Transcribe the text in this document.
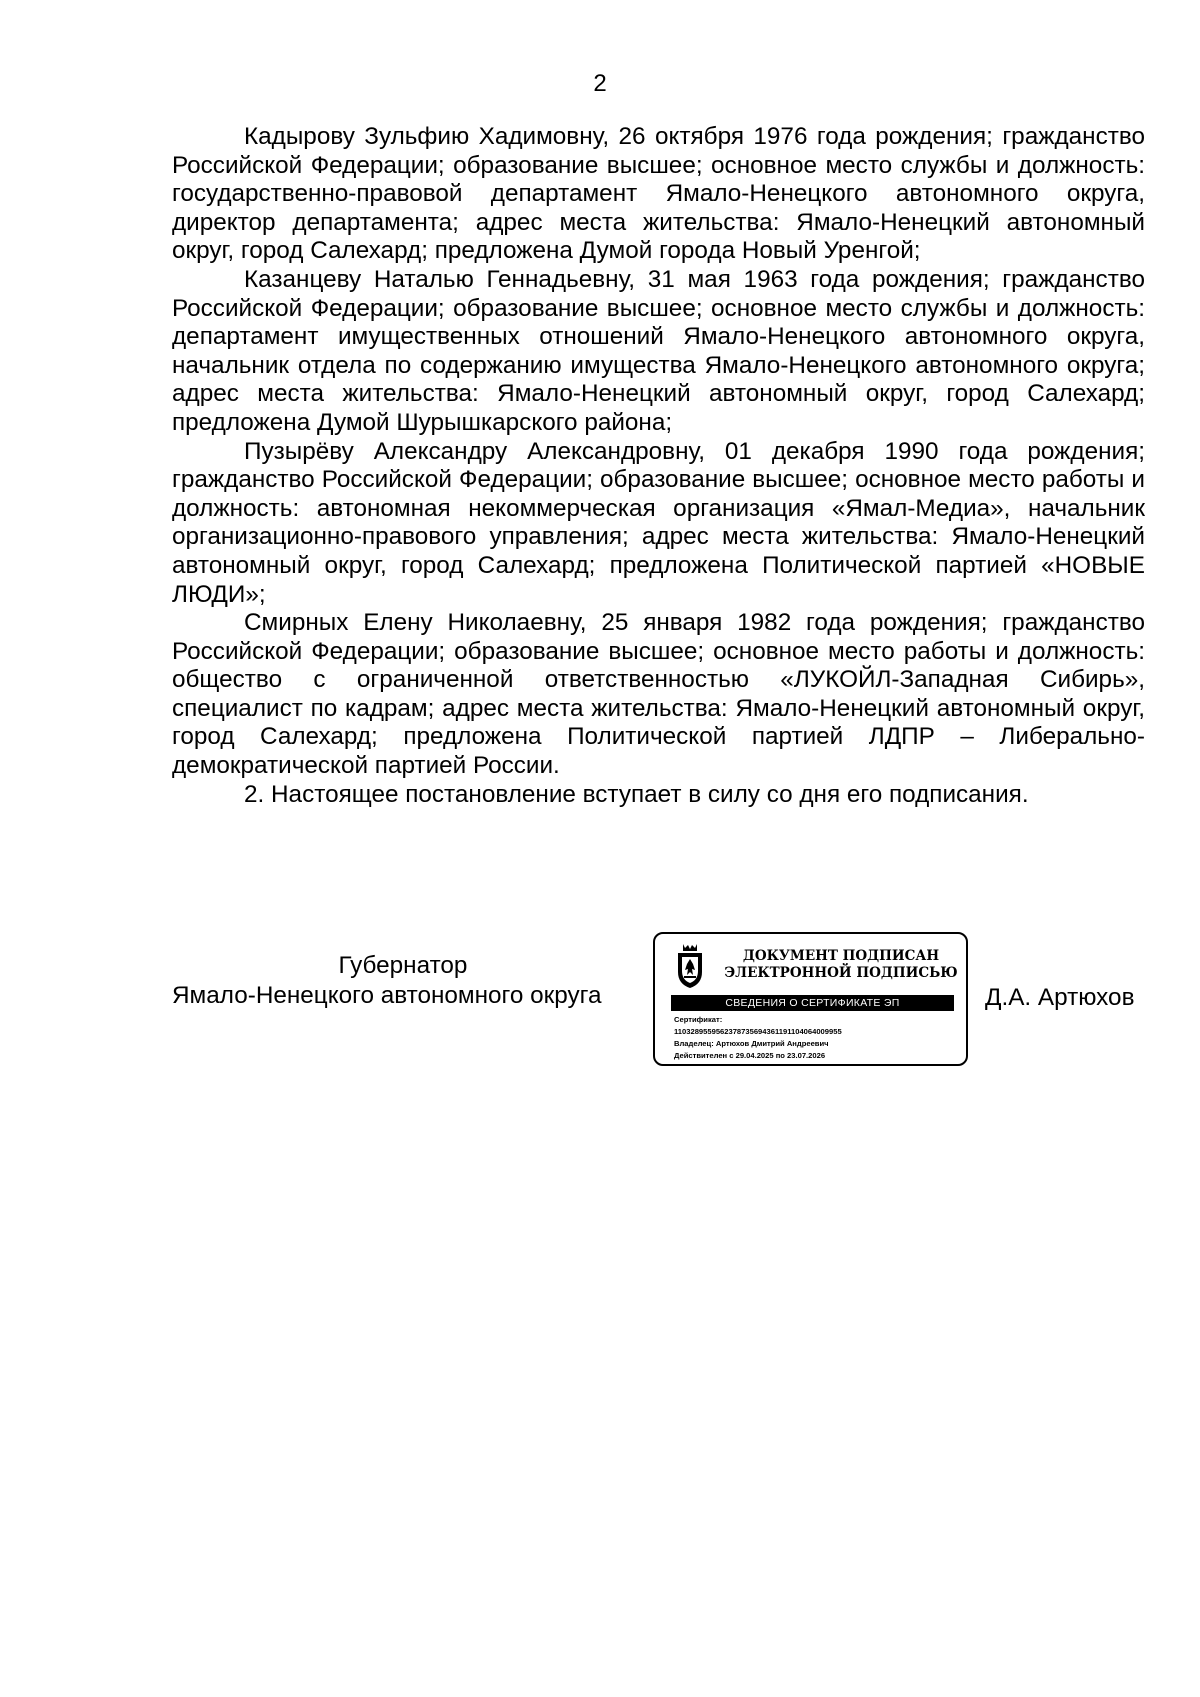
2

Кадырову Зульфию Хадимовну, 26 октября 1976 года рождения; гражданство Российской Федерации; образование высшее; основное место службы и должность: государственно-правовой департамент Ямало-Ненецкого автономного округа, директор департамента; адрес места жительства: Ямало-Ненецкий автономный округ, город Салехард; предложена Думой города Новый Уренгой;

Казанцеву Наталью Геннадьевну, 31 мая 1963 года рождения; гражданство Российской Федерации; образование высшее; основное место службы и должность: департамент имущественных отношений Ямало-Ненецкого автономного округа, начальник отдела по содержанию имущества Ямало-Ненецкого автономного округа; адрес места жительства: Ямало-Ненецкий автономный округ, город Салехард; предложена Думой Шурышкарского района;

Пузырёву Александру Александровну, 01 декабря 1990 года рождения; гражданство Российской Федерации; образование высшее; основное место работы и должность: автономная некоммерческая организация «Ямал-Медиа», начальник организационно-правового управления; адрес места жительства: Ямало-Ненецкий автономный округ, город Салехард; предложена Политической партией «НОВЫЕ ЛЮДИ»;

Смирных Елену Николаевну, 25 января 1982 года рождения; гражданство Российской Федерации; образование высшее; основное место работы и должность: общество с ограниченной ответственностью «ЛУКОЙЛ-Западная Сибирь», специалист по кадрам; адрес места жительства: Ямало-Ненецкий автономный округ, город Салехард; предложена Политической партией ЛДПР – Либерально-демократической партией России.

2. Настоящее постановление вступает в силу со дня его подписания.

Губернатор
Ямало-Ненецкого автономного округа
ДОКУМЕНТ ПОДПИСАН
ЭЛЕКТРОННОЙ ПОДПИСЬЮ
СВЕДЕНИЯ О СЕРТИФИКАТЕ ЭП
Сертификат:
1103289559562378735694361191104064009955
Владелец: Артюхов Дмитрий Андреевич
Действителен с 29.04.2025 по 23.07.2026
Д.А. Артюхов
